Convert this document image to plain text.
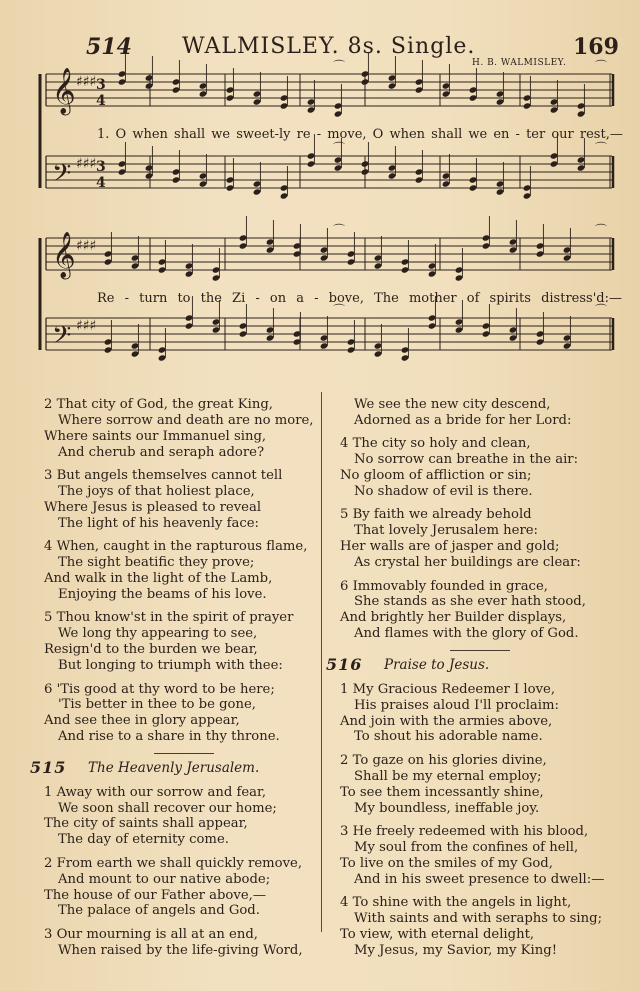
514 WALMISLEY. 8s. Single.	169
H. B. WALMISLEY.
𝄞 ♯♯♯ 3
4
⌒	⌒
𝄢 ♯♯♯ 3
4
⌒	⌒
𝄞 ♯♯♯
⌒	⌒
𝄢 ♯♯♯
⌒	⌒
1. O when shall we sweet-ly re - move, O when shall we en - ter our rest,—
Re - turn to the Zi - on a - bove, The mother of spirits distress'd:—
2 That city of God, the great King,
Where sorrow and death are no more,
Where saints our Immanuel sing,
And cherub and seraph adore?
3 But angels themselves cannot tell
The joys of that holiest place,
Where Jesus is pleased to reveal
The light of his heavenly face:
4 When, caught in the rapturous flame,
The sight beatific they prove;
And walk in the light of the Lamb,
Enjoying the beams of his love.
5 Thou know'st in the spirit of prayer
We long thy appearing to see,
Resign'd to the burden we bear,
But longing to triumph with thee:
6 'Tis good at thy word to be here;
'Tis better in thee to be gone,
And see thee in glory appear,
And rise to a share in thy throne.
515 The Heavenly Jerusalem.
1 Away with our sorrow and fear,
We soon shall recover our home;
The city of saints shall appear,
The day of eternity come.
2 From earth we shall quickly remove,
And mount to our native abode;
The house of our Father above,—
The palace of angels and God.
3 Our mourning is all at an end,
When raised by the life-giving Word,
We see the new city descend,
Adorned as a bride for her Lord:
4 The city so holy and clean,
No sorrow can breathe in the air:
No gloom of affliction or sin;
No shadow of evil is there.
5 By faith we already behold
That lovely Jerusalem here:
Her walls are of jasper and gold;
As crystal her buildings are clear:
6 Immovably founded in grace,
She stands as she ever hath stood,
And brightly her Builder displays,
And flames with the glory of God.
516 Praise to Jesus.
1 My Gracious Redeemer I love,
His praises aloud I'll proclaim:
And join with the armies above,
To shout his adorable name.
2 To gaze on his glories divine,
Shall be my eternal employ;
To see them incessantly shine,
My boundless, ineffable joy.
3 He freely redeemed with his blood,
My soul from the confines of hell,
To live on the smiles of my God,
And in his sweet presence to dwell:—
4 To shine with the angels in light,
With saints and with seraphs to sing;
To view, with eternal delight,
My Jesus, my Savior, my King!
